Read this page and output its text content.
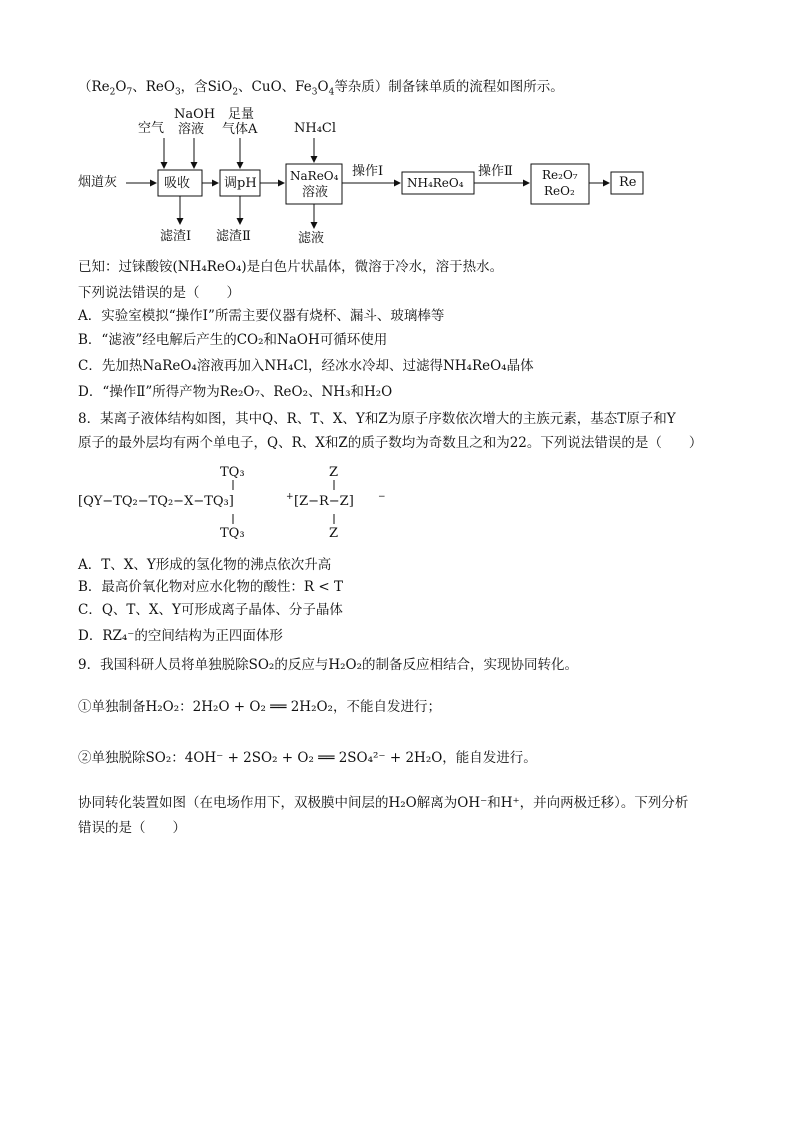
（$Re_2O_7$、ReO$_3$，含SiO$_2$、CuO、$Fe_3O_4$等杂质）制备铼单质的流程如图所示。
烟道灰
空气
NaOH
溶液
足量
气体A	NH₄Cl
吸收	调pH	NaReO₄
溶液
操作Ⅰ
NH₄ReO₄
操作Ⅱ Re₂O₇
ReO₂
Re
滤渣Ⅰ 滤渣Ⅱ	滤液
已知：过铼酸铵(NH₄ReO₄)是白色片状晶体，微溶于冷水，溶于热水。
下列说法错误的是（　　）
A．实验室模拟“操作Ⅰ”所需主要仪器有烧杯、漏斗、玻璃棒等
B．“滤液”经电解后产生的CO₂和NaOH可循环使用
C．先加热NaReO₄溶液再加入NH₄Cl，经冰水冷却、过滤得NH₄ReO₄晶体
D．“操作Ⅱ”所得产物为Re₂O₇、ReO₂、NH₃和H₂O
8．某离子液体结构如图，其中Q、R、T、X、Y和Z为原子序数依次增大的主族元素，基态T原子和Y
原子的最外层均有两个单电子，Q、R、X和Z的质子数均为奇数且之和为22。下列说法错误的是（　　）
TQ₃
[QY−TQ₂−TQ₂−X−TQ₃]	+
TQ₃
Z
[Z−R−Z]	−
Z
A．T、X、Y形成的氢化物的沸点依次升高
B．最高价氧化物对应水化物的酸性：R < T
C．Q、T、X、Y可形成离子晶体、分子晶体
D．RZ₄⁻的空间结构为正四面体形
9．我国科研人员将单独脱除SO₂的反应与H₂O₂的制备反应相结合，实现协同转化。
①单独制备H₂O₂：2H₂O + O₂ ══ 2H₂O₂，不能自发进行；
②单独脱除SO₂：4OH⁻ + 2SO₂ + O₂ ══ 2SO₄²⁻ + 2H₂O，能自发进行。
协同转化装置如图（在电场作用下，双极膜中间层的H₂O解离为OH⁻和H⁺，并向两极迁移）。下列分析
错误的是（　　）
